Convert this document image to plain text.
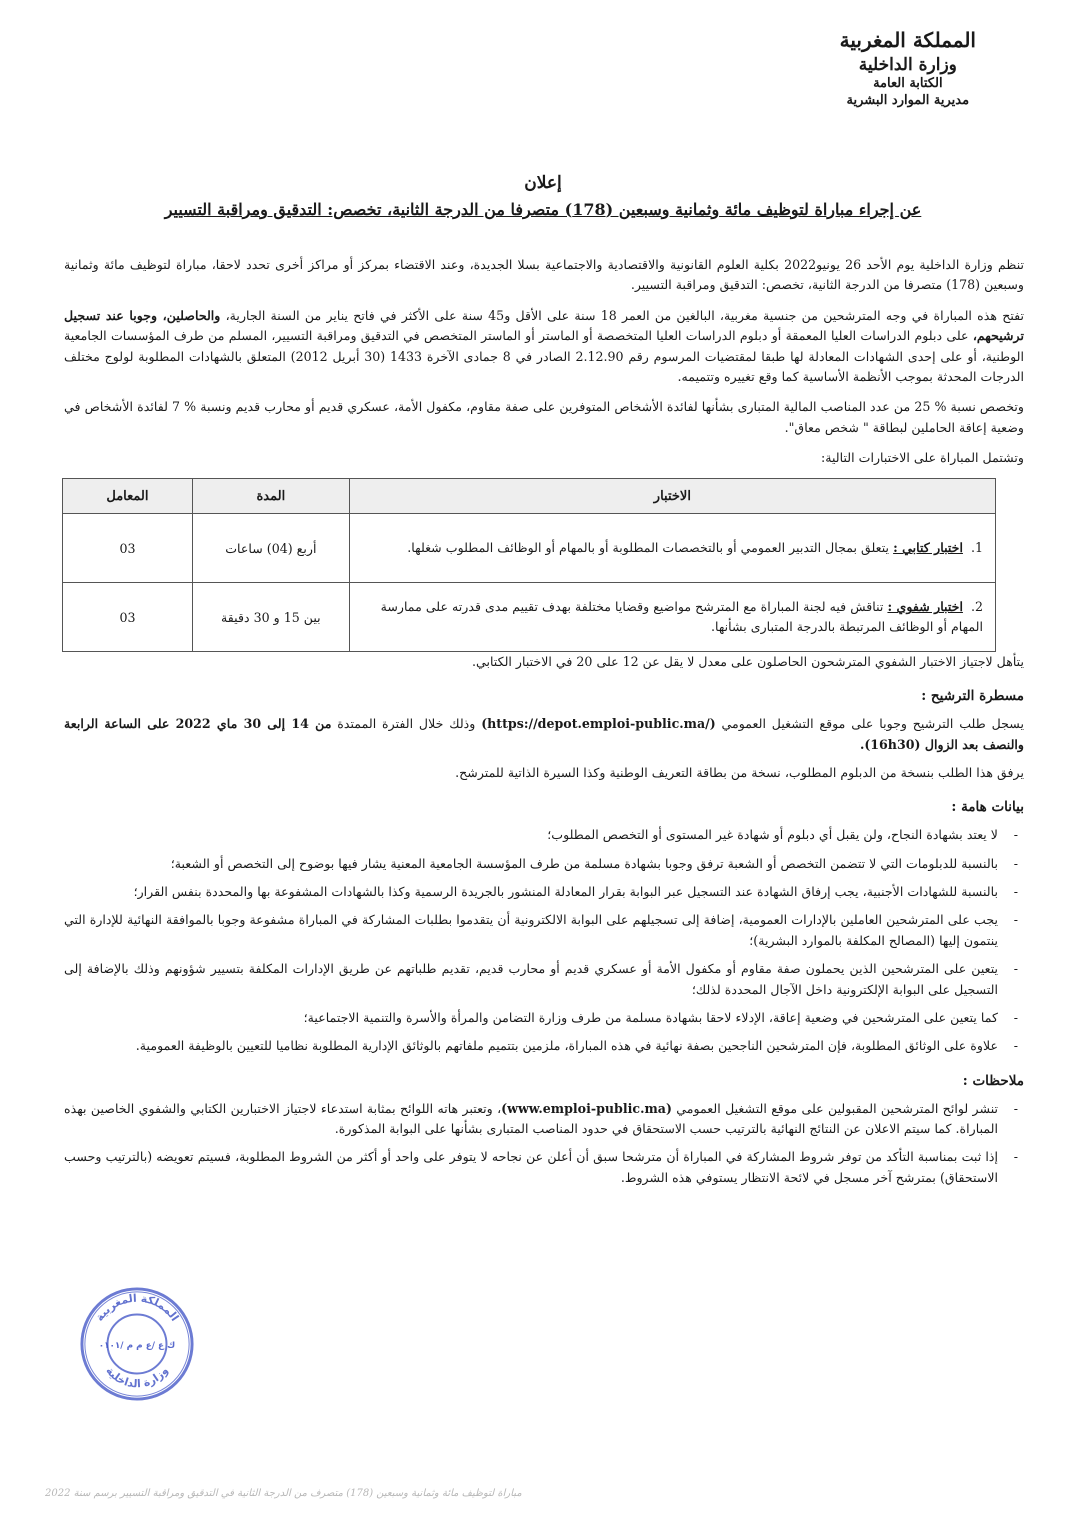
المملكة المغربية
وزارة الداخلية
الكتابة العامة
مديرية الموارد البشرية
إعلان
عن إجراء مباراة لتوظيف مائة وثمانية وسبعين (178) متصرفا من الدرجة الثانية، تخصص: التدقيق ومراقبة التسيير

تنظم وزارة الداخلية يوم الأحد 26 يونيو2022 بكلية العلوم القانونية والاقتصادية والاجتماعية بسلا الجديدة، وعند الاقتضاء بمركز أو مراكز أخرى تحدد لاحقا، مباراة لتوظيف مائة وثمانية وسبعين (178) متصرفا من الدرجة الثانية، تخصص: التدقيق ومراقبة التسيير.

تفتح هذه المباراة في وجه المترشحين من جنسية مغربية، البالغين من العمر 18 سنة على الأقل و45 سنة على الأكثر في فاتح يناير من السنة الجارية، والحاصلين، وجوبا عند تسجيل ترشيحهم، على دبلوم الدراسات العليا المعمقة أو دبلوم الدراسات العليا المتخصصة أو الماستر أو الماستر المتخصص في التدقيق ومراقبة التسيير، المسلم من طرف المؤسسات الجامعية الوطنية، أو على إحدى الشهادات المعادلة لها طبقا لمقتضيات المرسوم رقم 2.12.90 الصادر في 8 جمادى الآخرة 1433 (30 أبريل 2012) المتعلق بالشهادات المطلوبة لولوج مختلف الدرجات المحدثة بموجب الأنظمة الأساسية كما وقع تغييره وتتميمه.

وتخصص نسبة % 25 من عدد المناصب المالية المتبارى بشأنها لفائدة الأشخاص المتوفرين على صفة مقاوم، مكفول الأمة، عسكري قديم أو محارب قديم ونسبة % 7 لفائدة الأشخاص في وضعية إعاقة الحاملين لبطاقة " شخص معاق".

وتشتمل المباراة على الاختبارات التالية:

الاختبار	المدة	المعامل
1.  اختبار كتابي : يتعلق بمجال التدبير العمومي أو بالتخصصات المطلوبة أو بالمهام أو الوظائف المطلوب شغلها.	أربع (04) ساعات	03
2.  اختبار شفوي : تناقش فيه لجنة المباراة مع المترشح مواضيع وقضايا مختلفة بهدف تقييم مدى قدرته على ممارسة المهام أو الوظائف المرتبطة بالدرجة المتبارى بشأنها.	بين 15 و 30 دقيقة	03

يتأهل لاجتياز الاختبار الشفوي المترشحون الحاصلون على معدل لا يقل عن 12 على 20 في الاختبار الكتابي.

مسطرة الترشيح :

يسجل طلب الترشيح وجوبا على موقع التشغيل العمومي (https://depot.emploi-public.ma/) وذلك خلال الفترة الممتدة من 14 إلى 30 ماي 2022 على الساعة الرابعة والنصف بعد الزوال (16h30).

يرفق هذا الطلب بنسخة من الدبلوم المطلوب، نسخة من بطاقة التعريف الوطنية وكذا السيرة الذاتية للمترشح.

بيانات هامة :
- لا يعتد بشهادة النجاح، ولن يقبل أي دبلوم أو شهادة غير المستوى أو التخصص المطلوب؛
- بالنسبة للدبلومات التي لا تتضمن التخصص أو الشعبة ترفق وجوبا بشهادة مسلمة من طرف المؤسسة الجامعية المعنية يشار فيها بوضوح إلى التخصص أو الشعبة؛
- بالنسبة للشهادات الأجنبية، يجب إرفاق الشهادة عند التسجيل عبر البوابة بقرار المعادلة المنشور بالجريدة الرسمية وكذا بالشهادات المشفوعة بها والمحددة بنفس القرار؛
- يجب على المترشحين العاملين بالإدارات العمومية، إضافة إلى تسجيلهم على البوابة الالكترونية أن يتقدموا بطلبات المشاركة في المباراة مشفوعة وجوبا بالموافقة النهائية للإدارة التي ينتمون إليها (المصالح المكلفة بالموارد البشرية)؛
- يتعين على المترشحين الذين يحملون صفة مقاوم أو مكفول الأمة أو عسكري قديم أو محارب قديم، تقديم طلباتهم عن طريق الإدارات المكلفة بتسيير شؤونهم وذلك بالإضافة إلى التسجيل على البوابة الإلكترونية داخل الآجال المحددة لذلك؛
- كما يتعين على المترشحين في وضعية إعاقة، الإدلاء لاحقا بشهادة مسلمة من طرف وزارة التضامن والمرأة والأسرة والتنمية الاجتماعية؛
- علاوة على الوثائق المطلوبة، فإن المترشحين الناجحين بصفة نهائية في هذه المباراة، ملزمين بتتميم ملفاتهم بالوثائق الإدارية المطلوبة نظاميا للتعيين بالوظيفة العمومية.
ملاحظات :
- تنشر لوائح المترشحين المقبولين على موقع التشغيل العمومي (www.emploi-public.ma)، وتعتبر هاته اللوائح بمثابة استدعاء لاجتياز الاختبارين الكتابي والشفوي الخاصين بهذه المباراة. كما سيتم الاعلان عن النتائج النهائية بالترتيب حسب الاستحقاق في حدود المناصب المتبارى بشأنها على البوابة المذكورة.
- إذا ثبت بمناسبة التأكد من توفر شروط المشاركة في المباراة أن مترشحا سبق أن أعلن عن نجاحه لا يتوفر على واحد أو أكثر من الشروط المطلوبة، فسيتم تعويضه (بالترتيب وحسب الاستحقاق) بمترشح آخر مسجل في لائحة الانتظار يستوفي هذه الشروط.
المملكة المغربية
وزارة الداخلية
ك ع /ع م م /٠١٠١
مباراة لتوظيف مائة وثمانية وسبعين (178) متصرف من الدرجة الثانية في التدقيق ومراقبة التسيير برسم سنة 2022
